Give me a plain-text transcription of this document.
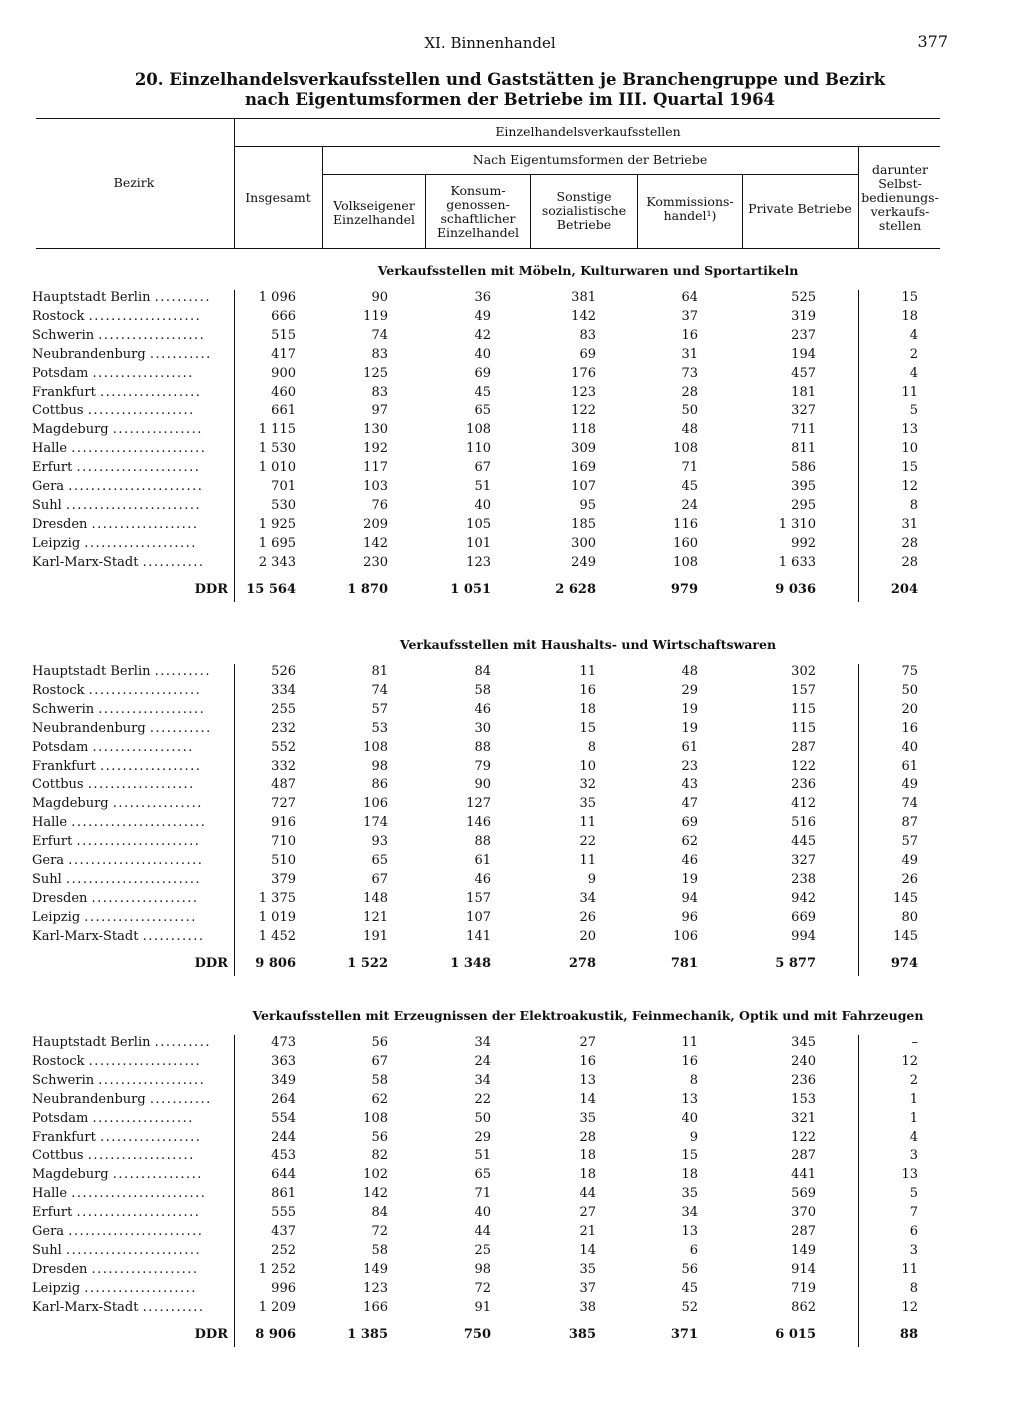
XI. Binnenhandel	377
20. Einzelhandelsverkaufsstellen und Gaststätten je Branchengruppe und Bezirk
nach Eigentumsformen der Betriebe im III. Quartal 1964
Bezirk
Einzelhandelsverkaufsstellen
Nach Eigentumsformen der Betriebe
Insgesamt
Volkseigener Einzelhandel
Konsum-genossen-schaftlicher Einzelhandel
Sonstige sozialistische Betriebe
Kommissions-handel¹)	Private Betriebe
darunter Selbst-bedienungs-verkaufs-stellen
Verkaufsstellen mit Möbeln, Kulturwaren und Sportartikeln
Hauptstadt Berlin ..........	1 096	90	36	381	64	525	15
Rostock ....................	666	119	49	142	37	319	18
Schwerin ...................	515	74	42	83	16	237	4
Neubrandenburg ...........	417	83	40	69	31	194	2
Potsdam ..................	900	125	69	176	73	457	4
Frankfurt ..................	460	83	45	123	28	181	11
Cottbus ...................	661	97	65	122	50	327	5
Magdeburg ................	1 115	130	108	118	48	711	13
Halle ........................	1 530	192	110	309	108	811	10
Erfurt ......................	1 010	117	67	169	71	586	15
Gera ........................	701	103	51	107	45	395	12
Suhl ........................	530	76	40	95	24	295	8
Dresden ...................	1 925	209	105	185	116	1 310	31
Leipzig ....................	1 695	142	101	300	160	992	28
Karl-Marx-Stadt ...........	2 343	230	123	249	108	1 633	28
DDR	15 564	1 870	1 051	2 628	979	9 036	204
Verkaufsstellen mit Haushalts- und Wirtschaftswaren
Hauptstadt Berlin ..........	526	81	84	11	48	302	75
Rostock ....................	334	74	58	16	29	157	50
Schwerin ...................	255	57	46	18	19	115	20
Neubrandenburg ...........	232	53	30	15	19	115	16
Potsdam ..................	552	108	88	8	61	287	40
Frankfurt ..................	332	98	79	10	23	122	61
Cottbus ...................	487	86	90	32	43	236	49
Magdeburg ................	727	106	127	35	47	412	74
Halle ........................	916	174	146	11	69	516	87
Erfurt ......................	710	93	88	22	62	445	57
Gera ........................	510	65	61	11	46	327	49
Suhl ........................	379	67	46	9	19	238	26
Dresden ...................	1 375	148	157	34	94	942	145
Leipzig ....................	1 019	121	107	26	96	669	80
Karl-Marx-Stadt ...........	1 452	191	141	20	106	994	145
DDR	9 806	1 522	1 348	278	781	5 877	974
Verkaufsstellen mit Erzeugnissen der Elektroakustik, Feinmechanik, Optik und mit Fahrzeugen
Hauptstadt Berlin ..........	473	56	34	27	11	345	–
Rostock ....................	363	67	24	16	16	240	12
Schwerin ...................	349	58	34	13	8	236	2
Neubrandenburg ...........	264	62	22	14	13	153	1
Potsdam ..................	554	108	50	35	40	321	1
Frankfurt ..................	244	56	29	28	9	122	4
Cottbus ...................	453	82	51	18	15	287	3
Magdeburg ................	644	102	65	18	18	441	13
Halle ........................	861	142	71	44	35	569	5
Erfurt ......................	555	84	40	27	34	370	7
Gera ........................	437	72	44	21	13	287	6
Suhl ........................	252	58	25	14	6	149	3
Dresden ...................	1 252	149	98	35	56	914	11
Leipzig ....................	996	123	72	37	45	719	8
Karl-Marx-Stadt ...........	1 209	166	91	38	52	862	12
DDR	8 906	1 385	750	385	371	6 015	88
